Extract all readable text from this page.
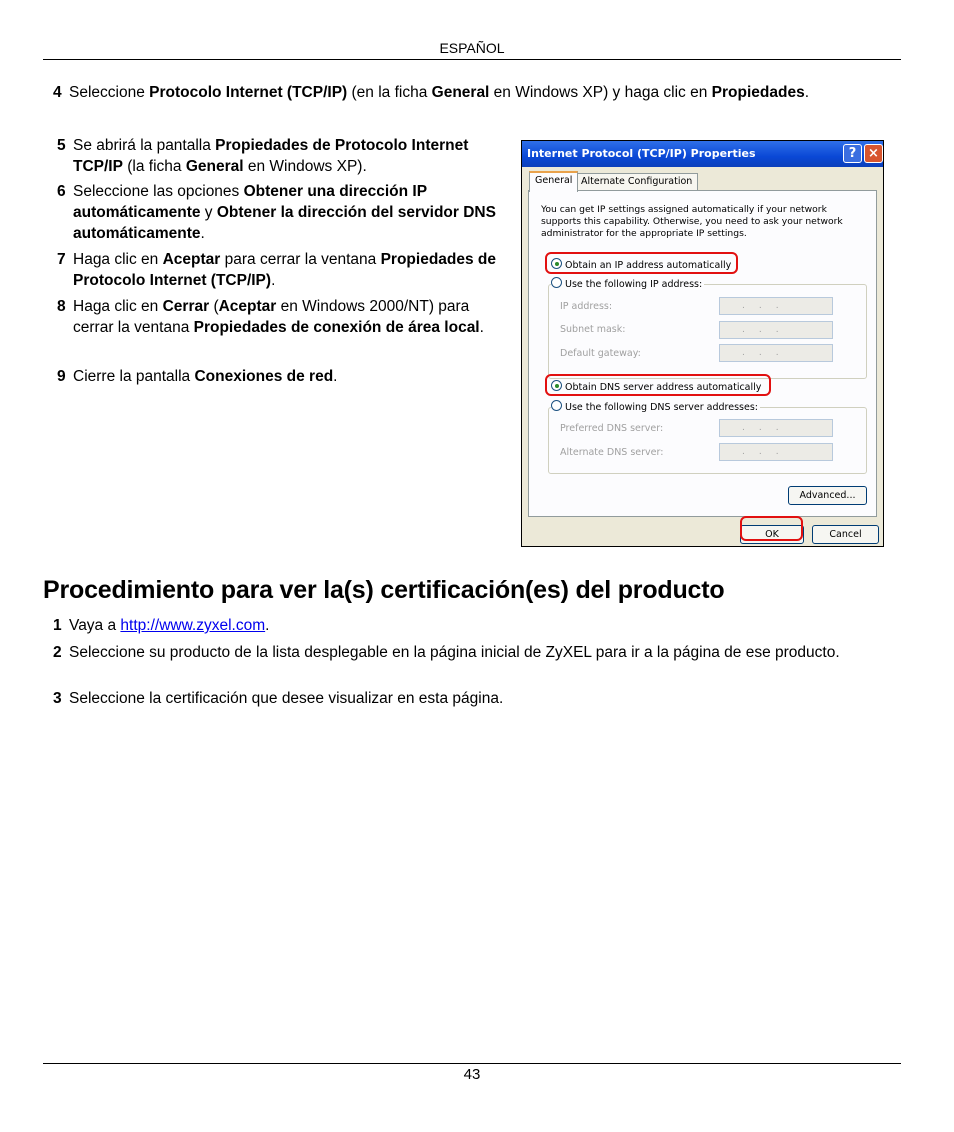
ESPAÑOL
4 Seleccione Protocolo Internet (TCP/IP) (en la ficha General en Windows XP) y haga clic en Propiedades.
5 Se abrirá la pantalla Propiedades de Protocolo Internet TCP/IP (la ficha General en Windows XP).
6 Seleccione las opciones Obtener una dirección IP automáticamente y Obtener la dirección del servidor DNS automáticamente.
7 Haga clic en Aceptar para cerrar la ventana Propiedades de Protocolo Internet (TCP/IP).
8 Haga clic en Cerrar (Aceptar en Windows 2000/NT) para cerrar la ventana Propiedades de conexión de área local.
9 Cierre la pantalla Conexiones de red.
Internet Protocol (TCP/IP) Properties	? ×
General Alternate Configuration
You can get IP settings assigned automatically if your network supports this capability. Otherwise, you need to ask your network administrator for the appropriate IP settings.
Obtain an IP address automatically
Use the following IP address:
IP address:	...
Subnet mask:	...
Default gateway:	...
Obtain DNS server address automatically
Use the following DNS server addresses:
Preferred DNS server:	...
Alternate DNS server:	...
Advanced...
OK	Cancel
Procedimiento para ver la(s) certificación(es) del producto
1 Vaya a http://www.zyxel.com.
2 Seleccione su producto de la lista desplegable en la página inicial de ZyXEL para ir a la página de ese producto.
3 Seleccione la certificación que desee visualizar en esta página.
43
